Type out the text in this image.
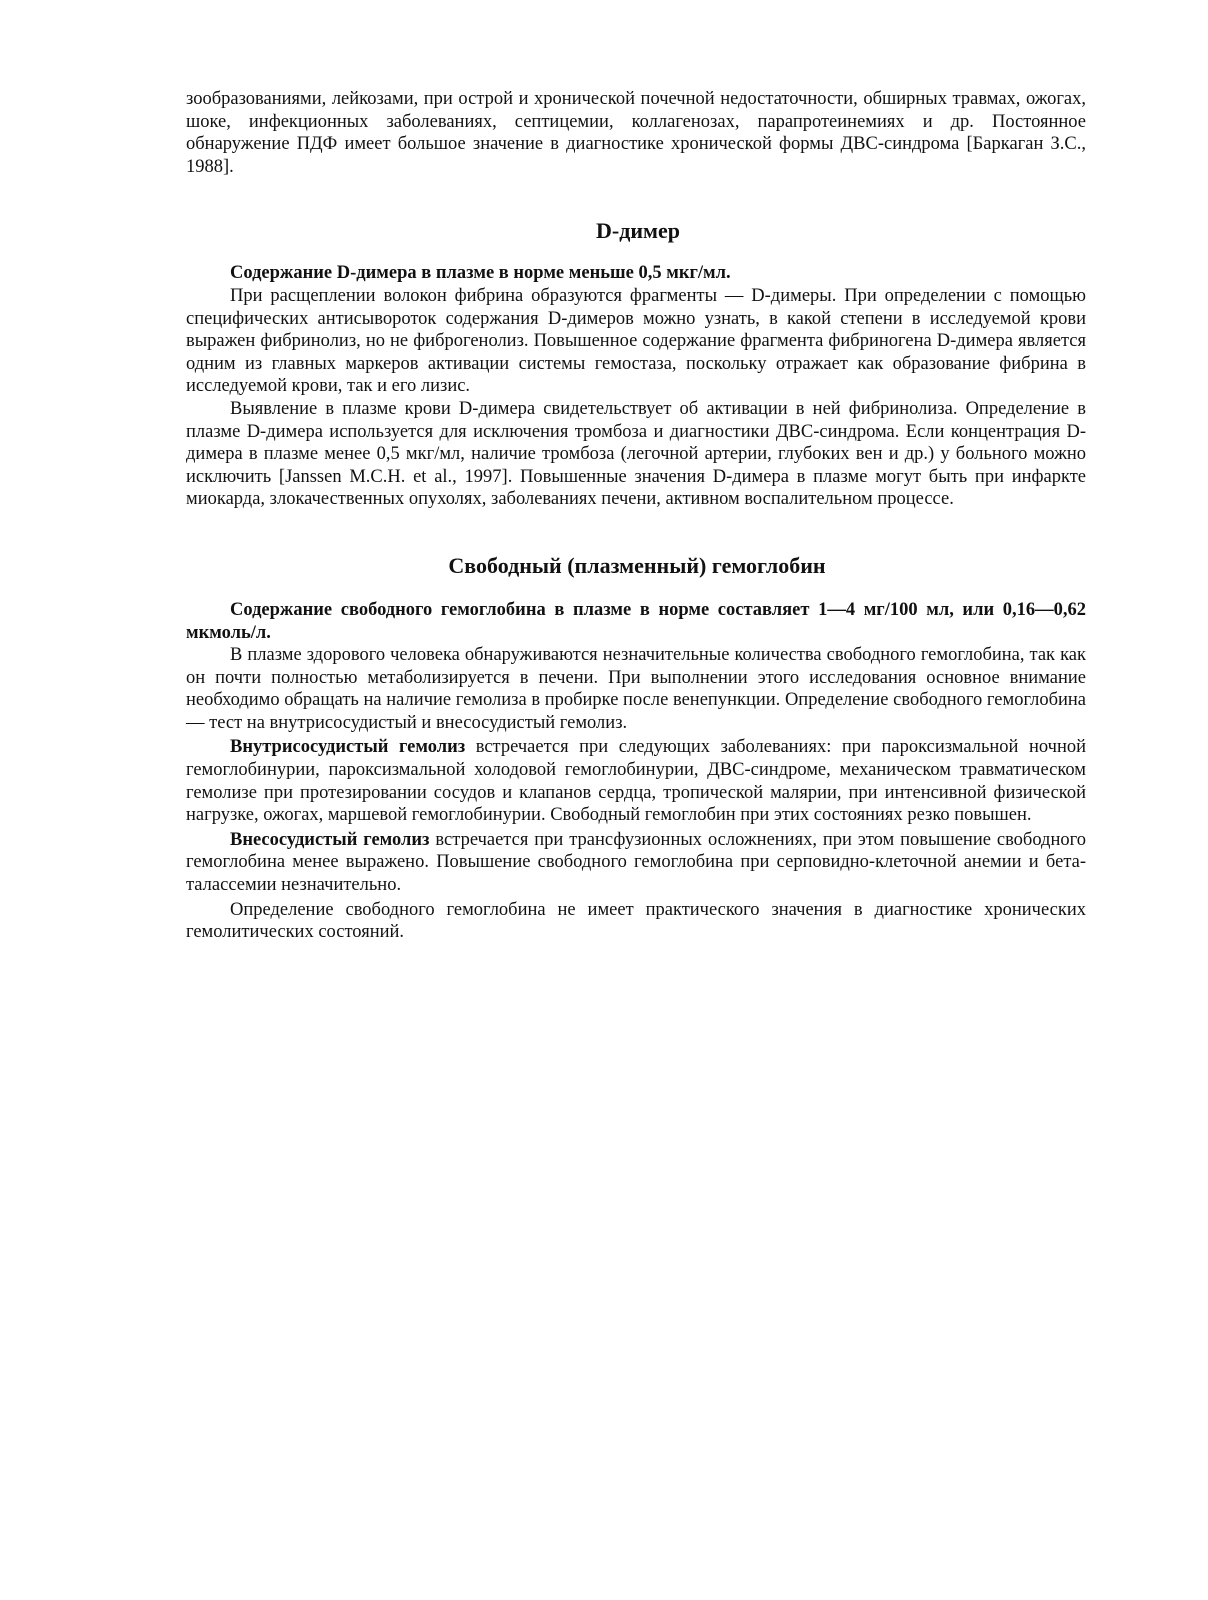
зообразованиями, лейкозами, при острой и хронической почечной недостаточности, обширных травмах, ожогах, шоке, инфекционных заболеваниях, септицемии, коллагенозах, парапротеинемиях и др. Постоянное обнаружение ПДФ имеет большое значение в диагностике хронической формы ДВС-синдрома [Баркаган З.С., 1988].

D-димер

Содержание D-димера в плазме в норме меньше 0,5 мкг/мл.

При расщеплении волокон фибрина образуются фрагменты — D-димеры. При определении с помощью специфических антисывороток содержания D-димеров можно узнать, в какой степени в исследуемой крови выражен фибринолиз, но не фиброгенолиз. Повышенное содержание фрагмента фибриногена D-димера является одним из главных маркеров активации системы гемостаза, поскольку отражает как образование фибрина в исследуемой крови, так и его лизис.

Выявление в плазме крови D-димера свидетельствует об активации в ней фибринолиза. Определение в плазме D-димера используется для исключения тромбоза и диагностики ДВС-синдрома. Если концентрация D-димера в плазме менее 0,5 мкг/мл, наличие тромбоза (легочной артерии, глубоких вен и др.) у больного можно исключить [Janssen M.C.H. et al., 1997]. Повышенные значения D-димера в плазме могут быть при инфаркте миокарда, злокачественных опухолях, заболеваниях печени, активном воспалительном процессе.

Свободный (плазменный) гемоглобин

Содержание свободного гемоглобина в плазме в норме составляет 1—4 мг/100 мл, или 0,16—0,62 мкмоль/л.

В плазме здорового человека обнаруживаются незначительные количества свободного гемоглобина, так как он почти полностью метаболизируется в печени. При выполнении этого исследования основное внимание необходимо обращать на наличие гемолиза в пробирке после венепункции. Определение свободного гемоглобина — тест на внутрисосудистый и внесосудистый гемолиз.

Внутрисосудистый гемолиз встречается при следующих заболеваниях: при пароксизмальной ночной гемоглобинурии, пароксизмальной холодовой гемоглобинурии, ДВС-синдроме, механическом травматическом гемолизе при протезировании сосудов и клапанов сердца, тропической малярии, при интенсивной физической нагрузке, ожогах, маршевой гемоглобинурии. Свободный гемоглобин при этих состояниях резко повышен.

Внесосудистый гемолиз встречается при трансфузионных осложнениях, при этом повышение свободного гемоглобина менее выражено. Повышение свободного гемоглобина при серповидно-клеточной анемии и бета-талассемии незначительно.

Определение свободного гемоглобина не имеет практического значения в диагностике хронических гемолитических состояний.
